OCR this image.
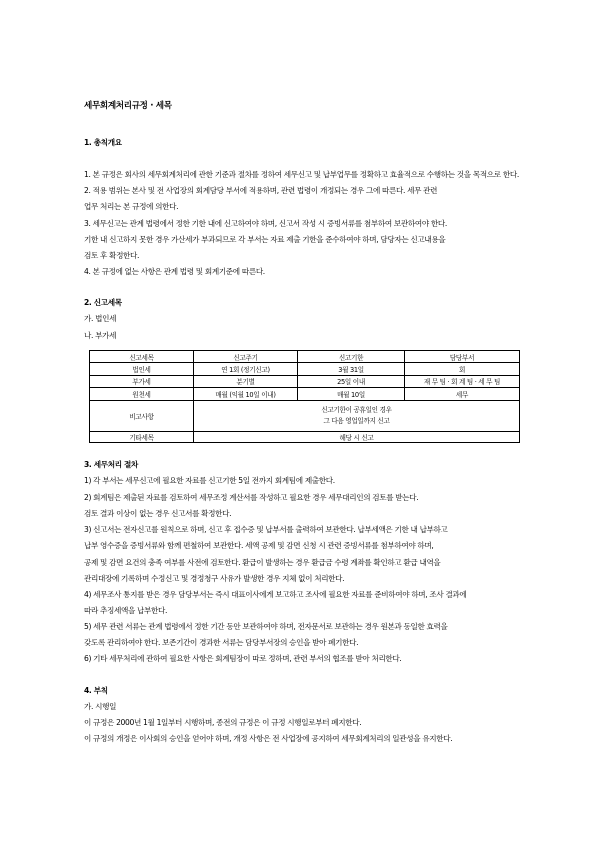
세무회계처리규정 · 세목
1. 총칙개요
1. 본 규정은 회사의 세무회계처리에 관한 기준과 절차를 정하여 세무신고 및 납부업무를 정확하고 효율적으로 수행하는 것을 목적으로 한다.
2. 적용 범위는 본사 및 전 사업장의 회계담당 부서에 적용하며, 관련 법령이 개정되는 경우 그에 따른다. 세무 관련
업무 처리는 본 규정에 의한다.
3. 세무신고는 관계 법령에서 정한 기한 내에 신고하여야 하며, 신고서 작성 시 증빙서류를 첨부하여 보관하여야 한다.
기한 내 신고하지 못한 경우 가산세가 부과되므로 각 부서는 자료 제출 기한을 준수하여야 하며, 담당자는 신고내용을
검토 후 확정한다.
4. 본 규정에 없는 사항은 관계 법령 및 회계기준에 따른다.
2. 신고세목
가. 법인세
나. 부가세
신고세목	신고주기	신고기한	담당부서
법인세	연 1회 (정기신고)	3월 31일	회
부가세	분기별	25일 이내	재 무 팀 · 회 계 팀 · 세 무 팀
원천세	매월 (익월 10일 이내)	매월 10일	세무
비고사항	신고기한이 공휴일인 경우
그 다음 영업일까지 신고		

기타세목	해당 시 신고		
3. 세무처리 절차
1) 각 부서는 세무신고에 필요한 자료를 신고기한 5일 전까지 회계팀에 제출한다.
2) 회계팀은 제출된 자료를 검토하여 세무조정 계산서를 작성하고 필요한 경우 세무대리인의 검토를 받는다.
검토 결과 이상이 없는 경우 신고서를 확정한다.
3) 신고서는 전자신고를 원칙으로 하며, 신고 후 접수증 및 납부서를 출력하여 보관한다. 납부세액은 기한 내 납부하고
납부 영수증을 증빙서류와 함께 편철하여 보관한다. 세액 공제 및 감면 신청 시 관련 증빙서류를 첨부하여야 하며,
공제 및 감면 요건의 충족 여부를 사전에 검토한다. 환급이 발생하는 경우 환급금 수령 계좌를 확인하고 환급 내역을
관리대장에 기록하며 수정신고 및 경정청구 사유가 발생한 경우 지체 없이 처리한다.
4) 세무조사 통지를 받은 경우 담당부서는 즉시 대표이사에게 보고하고 조사에 필요한 자료를 준비하여야 하며, 조사 결과에
따라 추징세액을 납부한다.
5) 세무 관련 서류는 관계 법령에서 정한 기간 동안 보관하여야 하며, 전자문서로 보관하는 경우 원본과 동일한 효력을
갖도록 관리하여야 한다. 보존기간이 경과한 서류는 담당부서장의 승인을 받아 폐기한다.
6) 기타 세무처리에 관하여 필요한 사항은 회계팀장이 따로 정하며, 관련 부서의 협조를 받아 처리한다.
4. 부칙
가. 시행일
이 규정은 2000년 1월 1일부터 시행하며, 종전의 규정은 이 규정 시행일로부터 폐지한다.
이 규정의 개정은 이사회의 승인을 얻어야 하며, 개정 사항은 전 사업장에 공지하여 세무회계처리의 일관성을 유지한다.
